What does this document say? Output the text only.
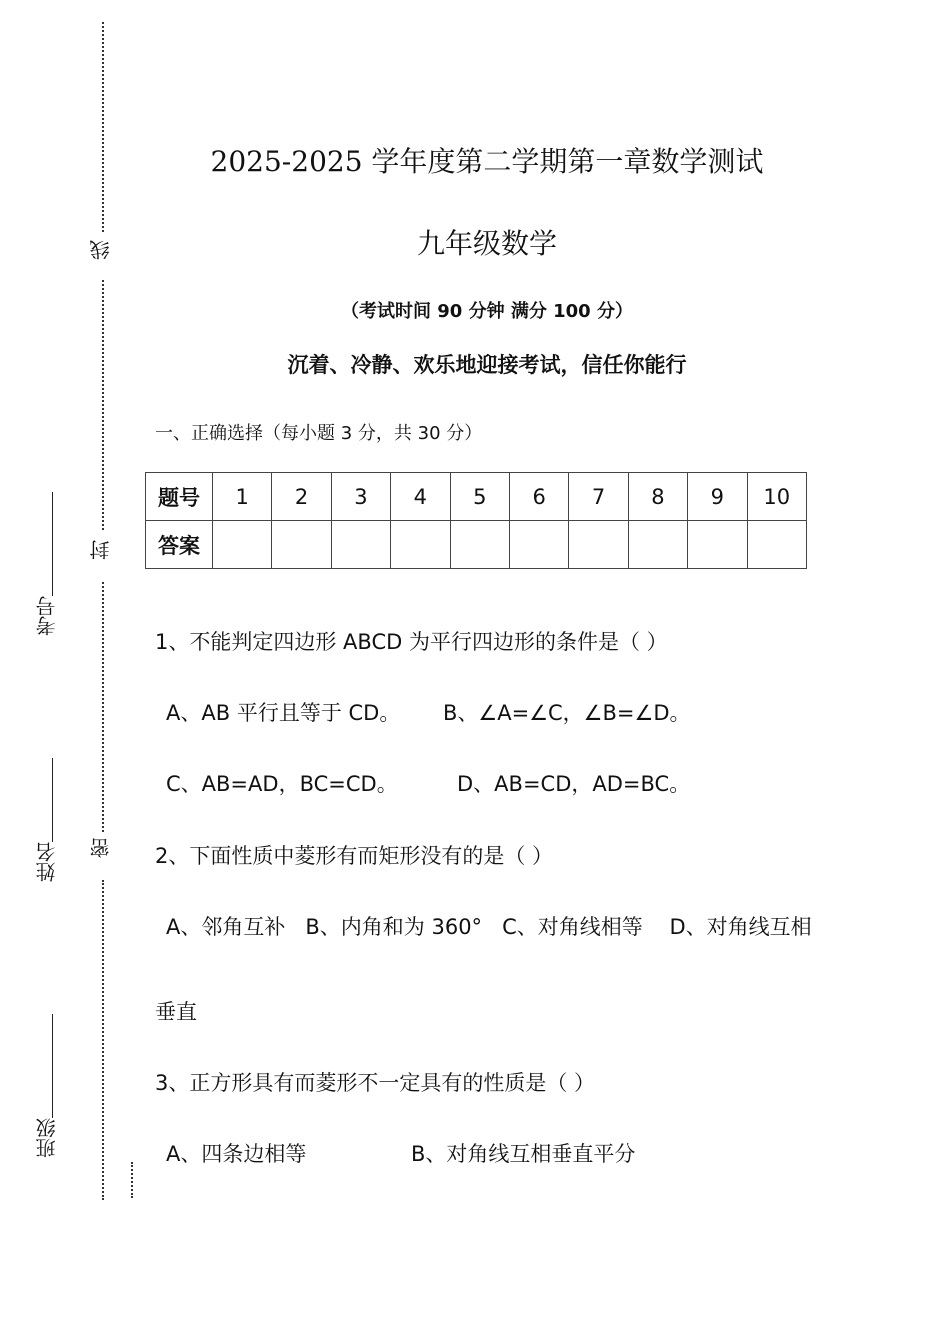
线
封
密
考号
姓名
班级
2025-2025 学年度第二学期第一章数学测试
九年级数学
（考试时间 90 分钟 满分 100 分）
沉着、冷静、欢乐地迎接考试，信任你能行
一、正确选择（每小题 3 分，共 30 分）
题号	1	2	3	4	5	6	7	8	9	10
答案										
1、不能判定四边形 ABCD 为平行四边形的条件是（ ）
A、AB 平行且等于 CD。 B、∠A=∠C，∠B=∠D。
C、AB=AD，BC=CD。	D、AB=CD，AD=BC。
2、下面性质中菱形有而矩形没有的是（ ）
A、邻角互补   B、内角和为 360°   C、对角线相等    D、对角线互相
垂直
3、正方形具有而菱形不一定具有的性质是（ ）
A、四条边相等	B、对角线互相垂直平分
